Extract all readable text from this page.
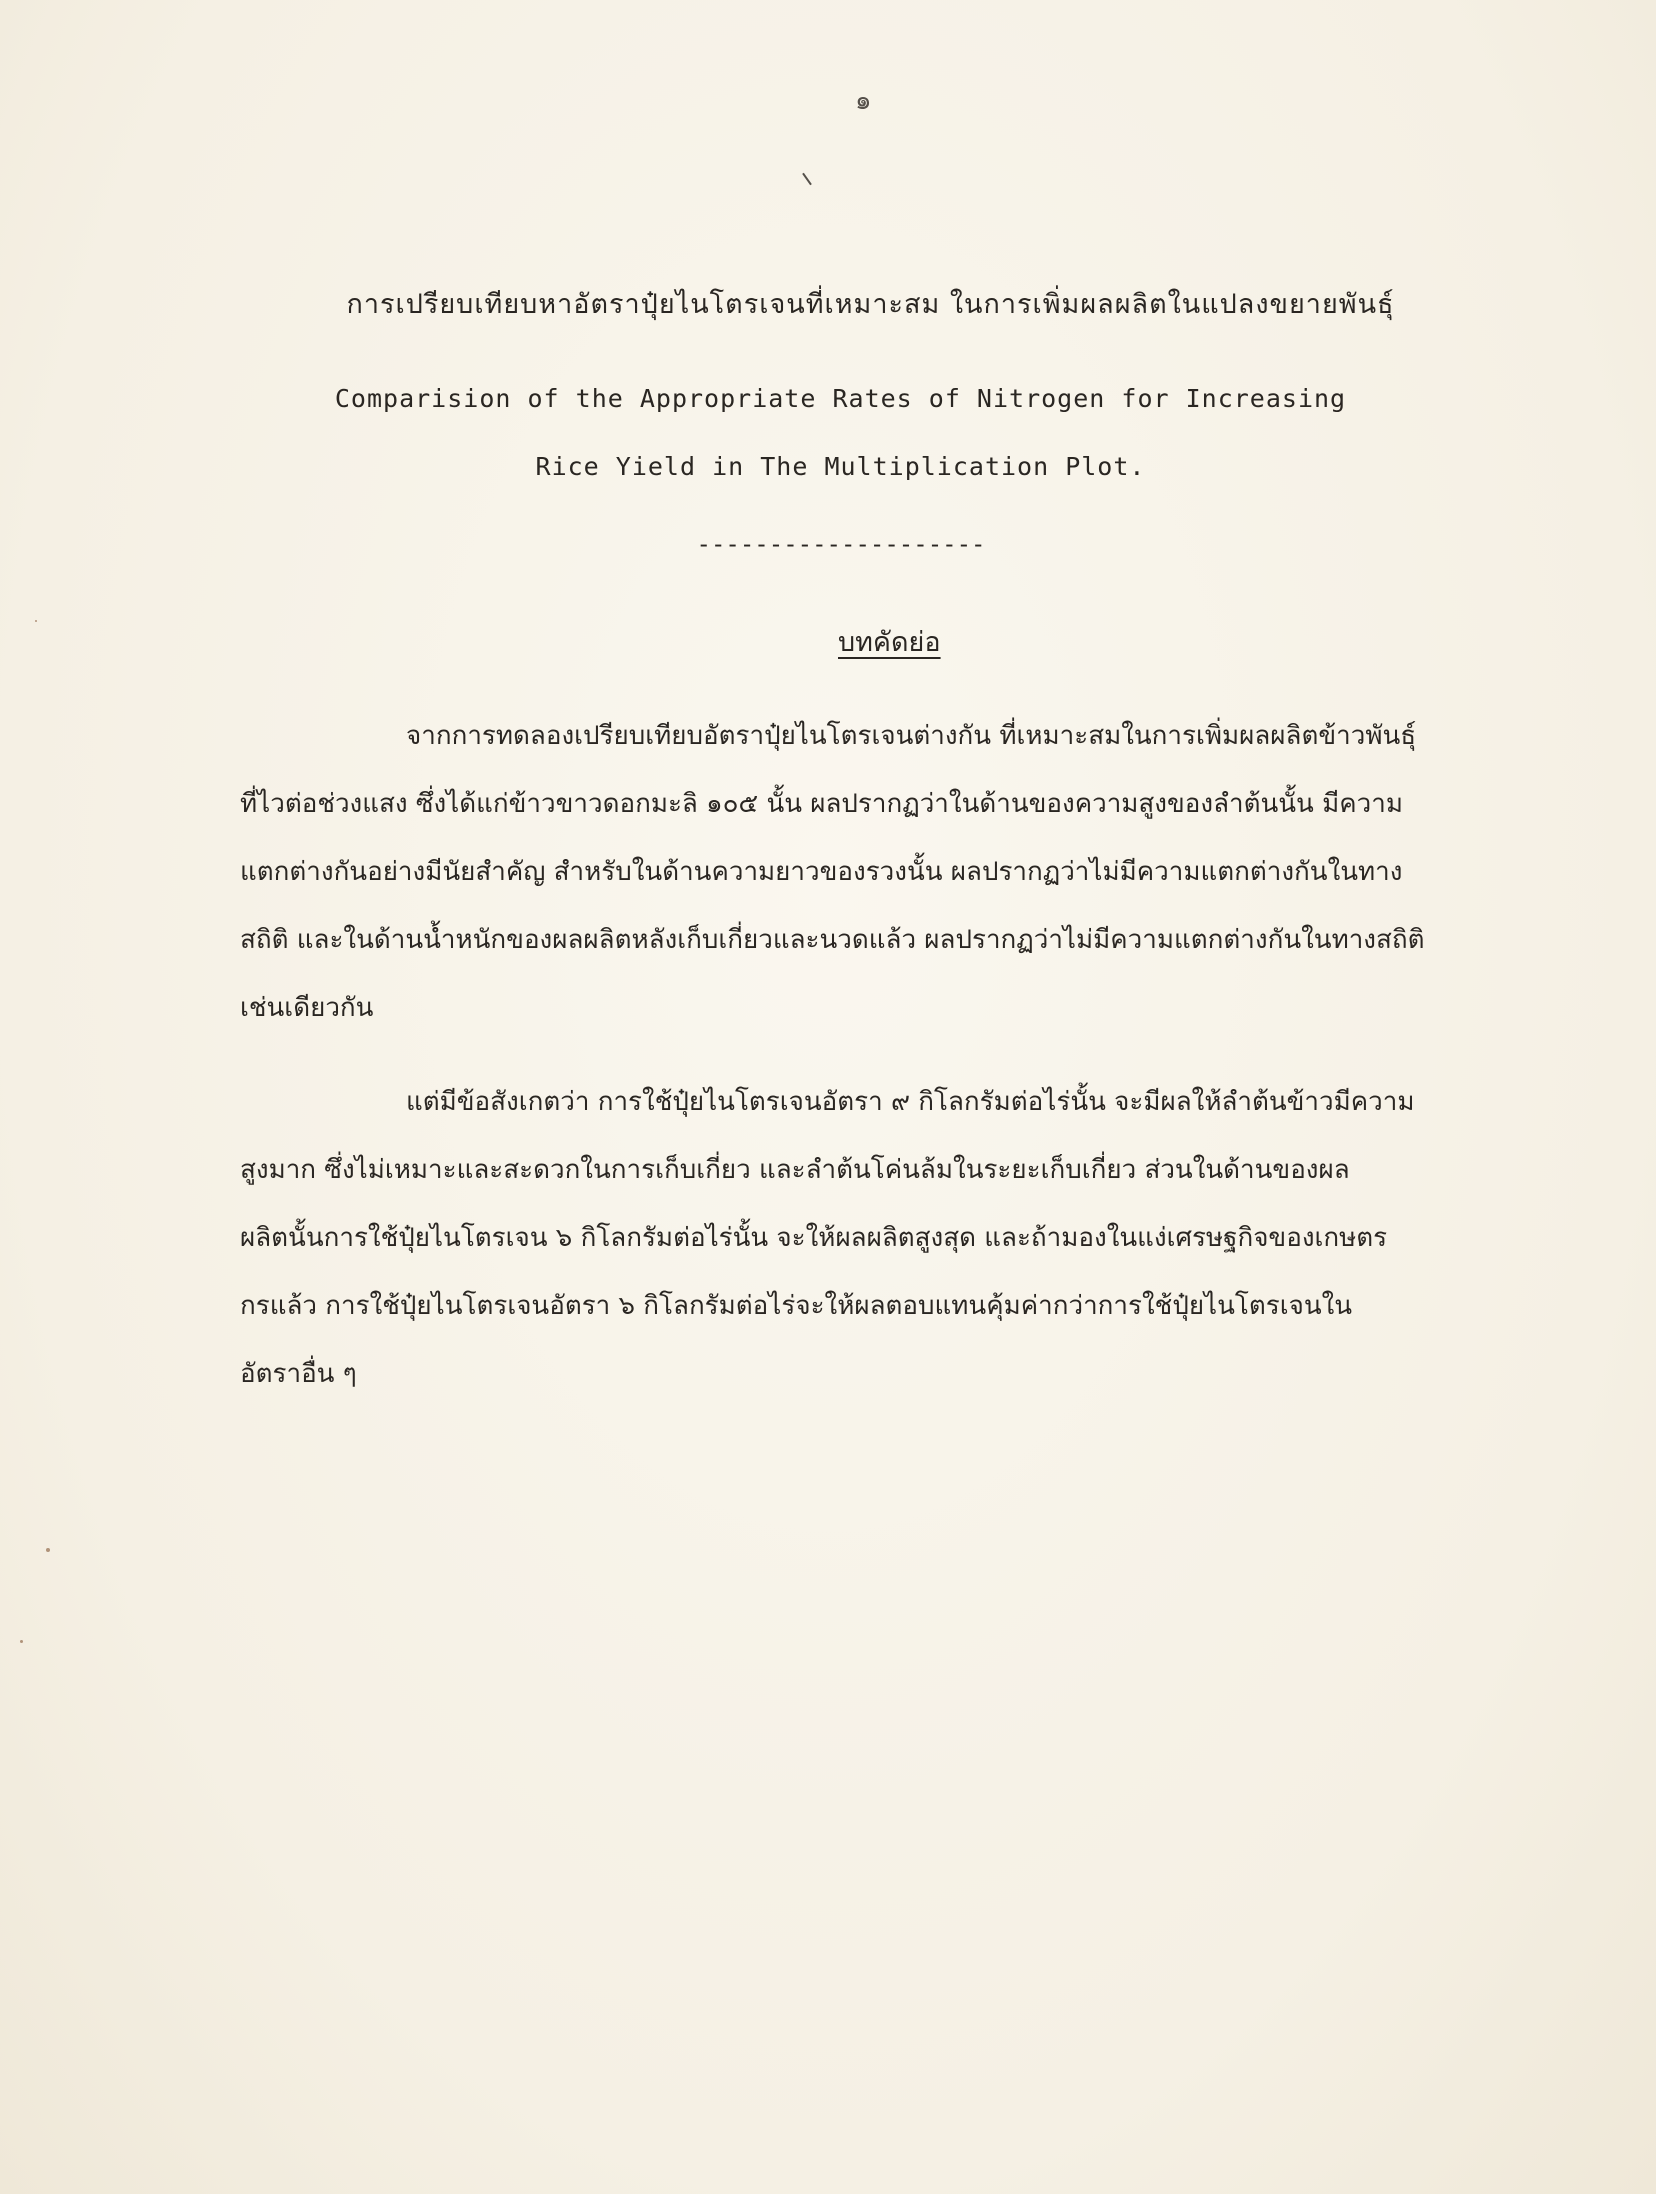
๑
การเปรียบเทียบหาอัตราปุ๋ยไนโตรเจนที่เหมาะสม ในการเพิ่มผลผลิตในแปลงขยายพันธุ์
Comparision of the Appropriate Rates of Nitrogen for Increasing
Rice Yield in The Multiplication Plot.
--------------------
บทคัดย่อ
จากการทดลองเปรียบเทียบอัตราปุ๋ยไนโตรเจนต่างกัน ที่เหมาะสมในการเพิ่มผลผลิตข้าวพันธุ์
ที่ไวต่อช่วงแสง ซึ่งได้แก่ข้าวขาวดอกมะลิ ๑๐๕ นั้น ผลปรากฏว่าในด้านของความสูงของลำต้นนั้น มีความ
แตกต่างกันอย่างมีนัยสำคัญ สำหรับในด้านความยาวของรวงนั้น ผลปรากฏว่าไม่มีความแตกต่างกันในทาง
สถิติ และในด้านน้ำหนักของผลผลิตหลังเก็บเกี่ยวและนวดแล้ว ผลปรากฏว่าไม่มีความแตกต่างกันในทางสถิติ
เช่นเดียวกัน
แต่มีข้อสังเกตว่า การใช้ปุ๋ยไนโตรเจนอัตรา ๙ กิโลกรัมต่อไร่นั้น จะมีผลให้ลำต้นข้าวมีความ
สูงมาก ซึ่งไม่เหมาะและสะดวกในการเก็บเกี่ยว และลำต้นโค่นล้มในระยะเก็บเกี่ยว ส่วนในด้านของผล
ผลิตนั้นการใช้ปุ๋ยไนโตรเจน ๖ กิโลกรัมต่อไร่นั้น จะให้ผลผลิตสูงสุด และถ้ามองในแง่เศรษฐกิจของเกษตร
กรแล้ว การใช้ปุ๋ยไนโตรเจนอัตรา ๖ กิโลกรัมต่อไร่จะให้ผลตอบแทนคุ้มค่ากว่าการใช้ปุ๋ยไนโตรเจนใน
อัตราอื่น ๆ
